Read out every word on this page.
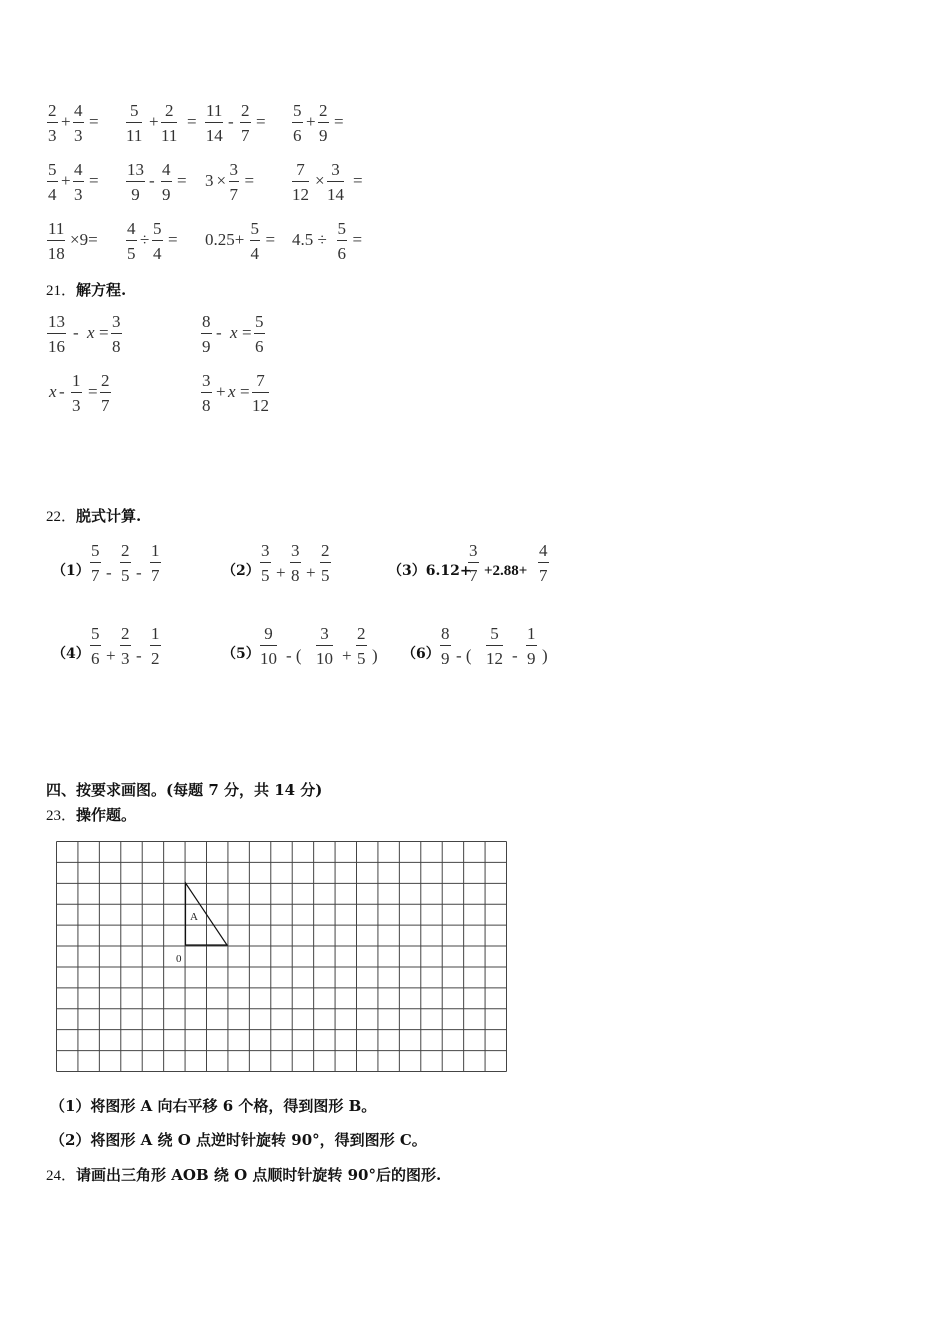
2
3
+
4
3
=
5
11
+
2
11
=
11
14
-
2
7
=
5
6
+
2
9
=
5
4
+
4
3
=
13
9
-
4
9
= 3 ×
3
7
=
7
12
×
3
14
=
11
18
×9=
4
5
÷
5
4
= 0.25+
5
4
= 4.5 ÷
5
6
=
21．解方程.
13
16
- x =
3
8
8
9
- x =
5
6
x -
1
3
=
2
7
3
8
+ x =
7
12
22．脱式计算.
（1）
5
7 -
2
5 -
1
7	（2）
3
5 +
3
8 +
2
5	（3）6.12+
3
7 +2.88+
4
7
（4）
5
6 +
2
3 -
1
2	（5）
9
10 - (
3
10 +
2
5 ) （6）
8
9 - (
5
12 -
1
9 )
四、按要求画图。(每题 7 分，共 14 分)
23．操作题。
A
0
（1）将图形 A 向右平移 6 个格，得到图形 B。
（2）将图形 A 绕 O 点逆时针旋转 90°，得到图形 C。
24．请画出三角形 AOB 绕 O 点顺时针旋转 90°后的图形.
